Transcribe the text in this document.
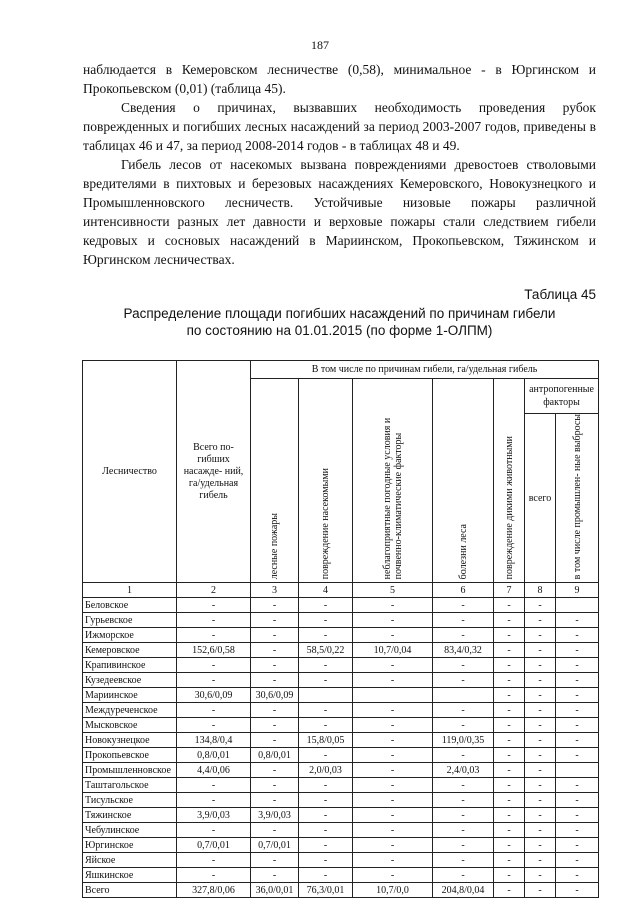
187

наблюдается в Кемеровском лесничестве (0,58), минимальное - в Юргинском и Прокопьевском (0,01) (таблица 45).

Сведения о причинах, вызвавших необходимость проведения рубок поврежденных и погибших лесных насаждений за период 2003-2007 годов, приведены в таблицах 46 и 47, за период 2008-2014 годов - в таблицах 48 и 49.

Гибель лесов от насекомых вызвана повреждениями древостоев стволовыми вредителями в пихтовых и березовых насаждениях Кемеровского, Новокузнецкого и Промышленновского лесничеств. Устойчивые низовые пожары различной интенсивности разных лет давности и верховые пожары стали следствием гибели кедровых и сосновых насаждений в Мариинском, Прокопьевском, Тяжинском и Юргинском лесничествах.

Таблица 45
Распределение площади погибших насаждений по причинам гибели
по состоянию на 01.01.2015 (по форме 1-ОЛПМ)
Лесничество	Всего по- гибших насажде- ний, га/удельная гибель	В том числе по причинам гибели, га/удельная гибель						
		лесные пожары	повреждение насекомыми	неблагоприятные погодные условия и почвенно-климатические факторы	болезни леса	повреждение дикими животными	антропогенные факторы	
							всего	в том числе промышлен- ные выбросы
1	2	3	4	5	6	7	8	9
Беловское	-	-	-	-	-	-	-	
Гурьевское	-	-	-	-	-	-	-	-
Ижморское	-	-	-	-	-	-	-	-
Кемеровское	152,6/0,58	-	58,5/0,22	10,7/0,04	83,4/0,32	-	-	-
Крапивинское	-	-	-	-	-	-	-	-
Кузедеевское	-	-	-	-	-	-	-	-
Мариинское	30,6/0,09	30,6/0,09				-	-	-
Междуреченское	-	-	-	-	-	-	-	-
Мысковское	-	-	-	-	-	-	-	-
Новокузнецкое	134,8/0,4	-	15,8/0,05	-	119,0/0,35	-	-	-
Прокопьевское	0,8/0,01	0,8/0,01	-	-	-	-	-	-
Промышленновское	4,4/0,06	-	2,0/0,03	-	2,4/0,03	-	-	
Таштагольское	-	-	-	-	-	-	-	-
Тисульское	-	-	-	-	-	-	-	-
Тяжинское	3,9/0,03	3,9/0,03	-	-	-	-	-	-
Чебулинское	-	-	-	-	-	-	-	-
Юргинское	0,7/0,01	0,7/0,01	-	-	-	-	-	-
Яйское	-	-	-	-	-	-	-	-
Яшкинское	-	-	-	-	-	-	-	-
Всего	327,8/0,06	36,0/0,01	76,3/0,01	10,7/0,0	204,8/0,04	-	-	-
